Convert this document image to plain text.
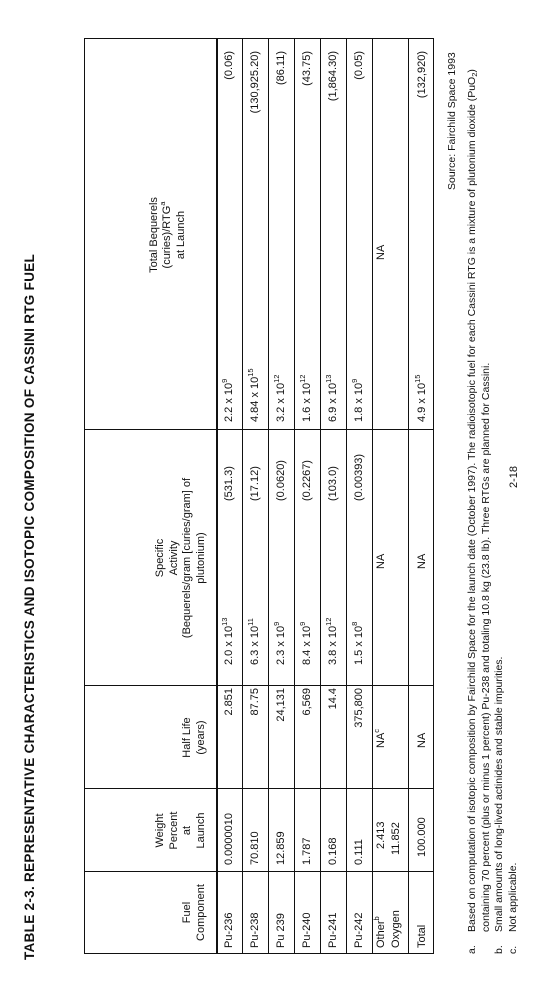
TABLE 2-3. REPRESENTATIVE CHARACTERISTICS AND ISOTOPIC COMPOSITION OF CASSINI RTG FUEL	Fuel Component
Weight Percent at Launch
Half Life (years)
Specific Activity (Bequerels/gram [curies/gram] of plutonium)
Total Bequerels (curies)/RTG$^a$
at Launch
Pu-236
0.0000010
2.851
2.0 x $10^{13}$
(531.3)
2.2 x $10^9$
(0.06)
Pu-238
70.810
87.75
6.3 x $10^{11}$
(17.12)
4.84 x $10^{15}$
(130,925.20)
Pu 239
12.859
24,131
2.3 x $10^9$
(0.0620)
3.2 x $10^{12}$
(86.11)
Pu-240
1.787
6,569
8.4 x $10^9$
(0.2267)
1.6 x $10^{12}$
(43.75)
Pu-241
0.168
14.4
3.8 x $10^{12}$
(103.0)
6.9 x $10^{13}$
(1,864.30)
Pu-242
0.111
375,800
1.5 x $10^8$
(0.00393)
1.8 x $10^9$
(0.05)
Other$^b$ Oxygen
2.413 11.852
$NA^c$
NA
NA
Total
100.000
NA
NA
4.9 x $10^{15}$
(132,920) Source: Fairchild Space 1993
a.
Based on computation of isotopic composition by Fairchild Space for the launch date (October 1997). The radioisotopic fuel for each Cassini RTG is a mixture of plutonium dioxide (PuO$_2$) containing 70 percent (plus or minus 1 percent) Pu-238 and totaling 10.8 kg (23.8 lb). Three RTGs are planned for Cassini.
b.
Small amounts of long-lived actinides and stable impurities.
c.
Not applicable.
2-18
